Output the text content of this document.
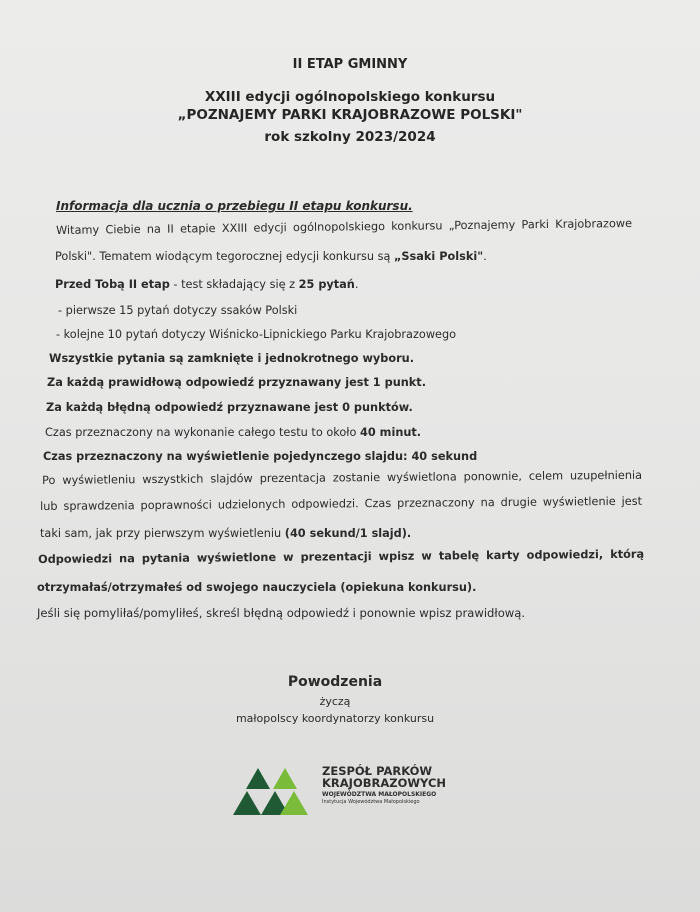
II ETAP GMINNY
XXIII edycji ogólnopolskiego konkursu
„POZNAJEMY PARKI KRAJOBRAZOWE POLSKI"
rok szkolny 2023/2024
Informacja dla ucznia o przebiegu II etapu konkursu.
Witamy Ciebie na II etapie XXIII edycji ogólnopolskiego konkursu „Poznajemy Parki Krajobrazowe
Polski". Tematem wiodącym tegorocznej edycji konkursu są „Ssaki Polski".
Przed Tobą II etap - test składający się z 25 pytań.
- pierwsze 15 pytań dotyczy ssaków Polski
- kolejne 10 pytań dotyczy Wiśnicko-Lipnickiego Parku Krajobrazowego
Wszystkie pytania są zamknięte i jednokrotnego wyboru.
Za każdą prawidłową odpowiedź przyznawany jest 1 punkt.
Za każdą błędną odpowiedź przyznawane jest 0 punktów.
Czas przeznaczony na wykonanie całego testu to około 40 minut.
Czas przeznaczony na wyświetlenie pojedynczego slajdu: 40 sekund
Po wyświetleniu wszystkich slajdów prezentacja zostanie wyświetlona ponownie, celem uzupełnienia
lub sprawdzenia poprawności udzielonych odpowiedzi. Czas przeznaczony na drugie wyświetlenie jest
taki sam, jak przy pierwszym wyświetleniu (40 sekund/1 slajd).
Odpowiedzi na pytania wyświetlone w prezentacji wpisz w tabelę karty odpowiedzi, którą
otrzymałaś/otrzymałeś od swojego nauczyciela (opiekuna konkursu).
Jeśli się pomyliłaś/pomyliłeś, skreśl błędną odpowiedź i ponownie wpisz prawidłową.
Powodzenia
życzą
małopolscy koordynatorzy konkursu
ZESPÓŁ PARKÓW
KRAJOBRAZOWYCH
WOJEWÓDZTWA MAŁOPOLSKIEGO
Instytucja Województwa Małopolskiego
